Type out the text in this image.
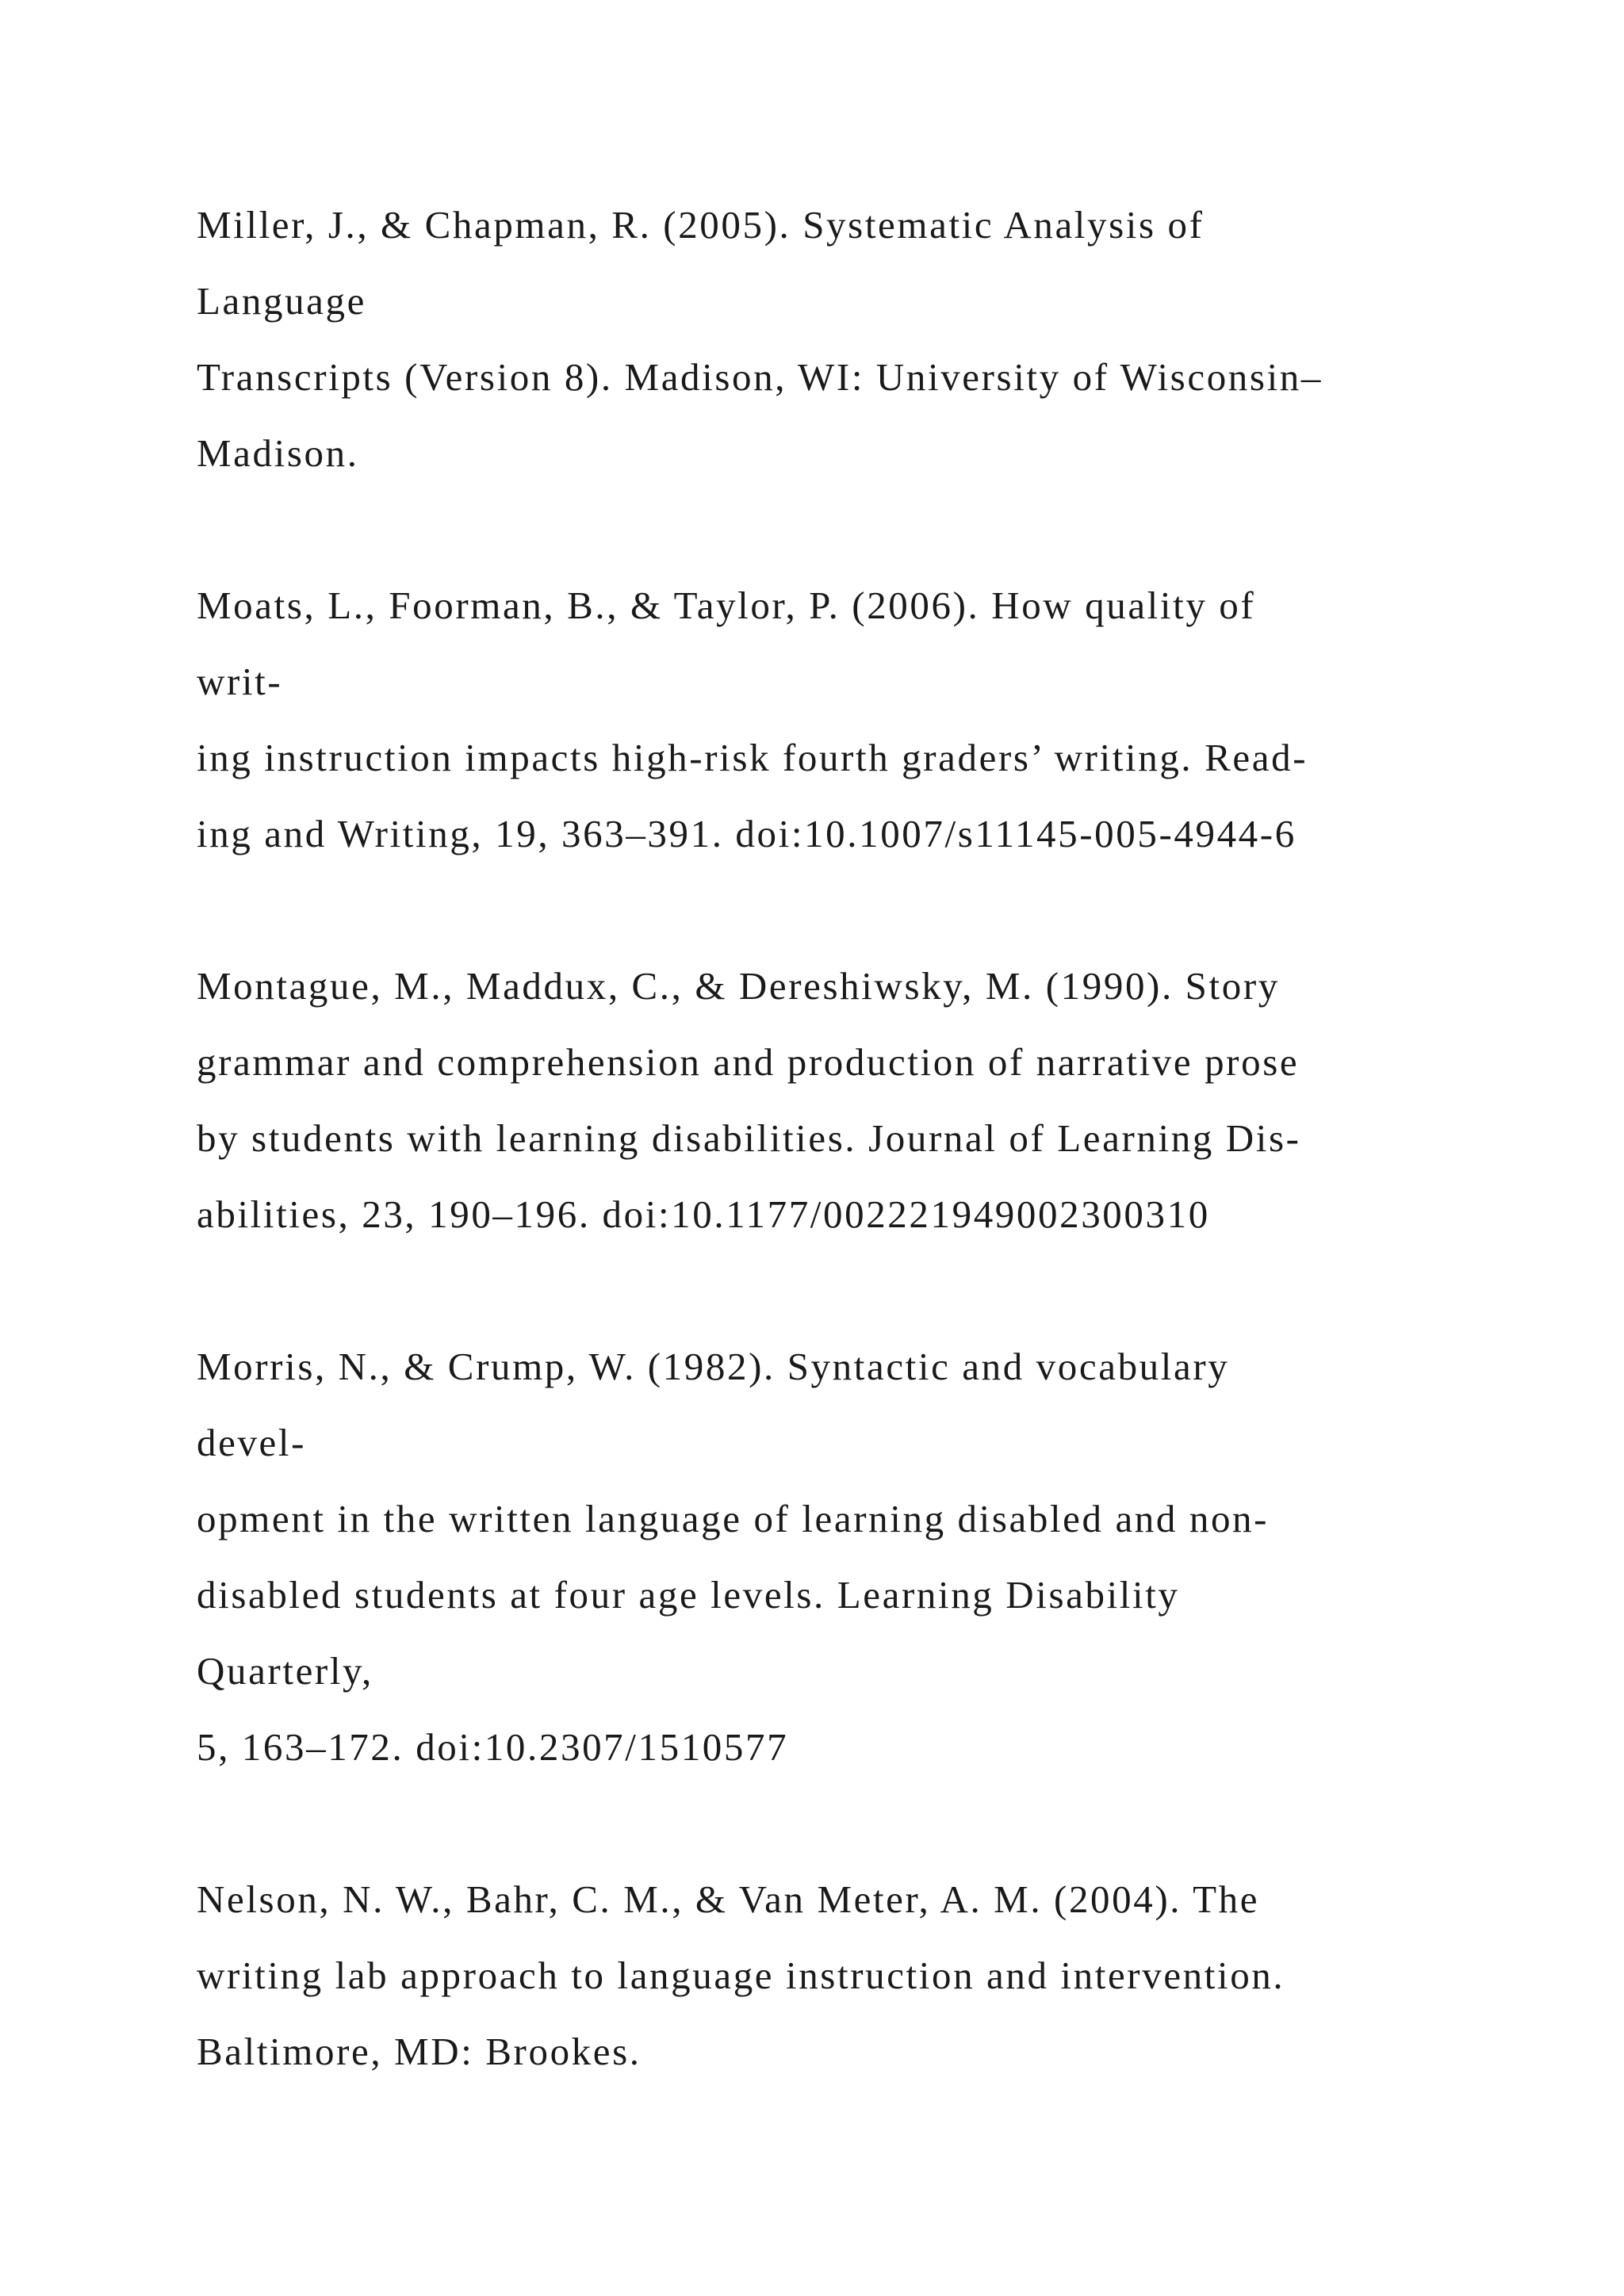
Miller, J., & Chapman, R. (2005). Systematic Analysis of
Language
Transcripts (Version 8). Madison, WI: University of Wisconsin–
Madison.
Moats, L., Foorman, B., & Taylor, P. (2006). How quality of
writ-
ing instruction impacts high-risk fourth graders’ writing. Read-
ing and Writing, 19, 363–391. doi:10.1007/s11145-005-4944-6
Montague, M., Maddux, C., & Dereshiwsky, M. (1990). Story
grammar and comprehension and production of narrative prose
by students with learning disabilities. Journal of Learning Dis-
abilities, 23, 190–196. doi:10.1177/002221949002300310
Morris, N., & Crump, W. (1982). Syntactic and vocabulary
devel-
opment in the written language of learning disabled and non-
disabled students at four age levels. Learning Disability
Quarterly,
5, 163–172. doi:10.2307/1510577
Nelson, N. W., Bahr, C. M., & Van Meter, A. M. (2004). The
writing lab approach to language instruction and intervention.
Baltimore, MD: Brookes.
